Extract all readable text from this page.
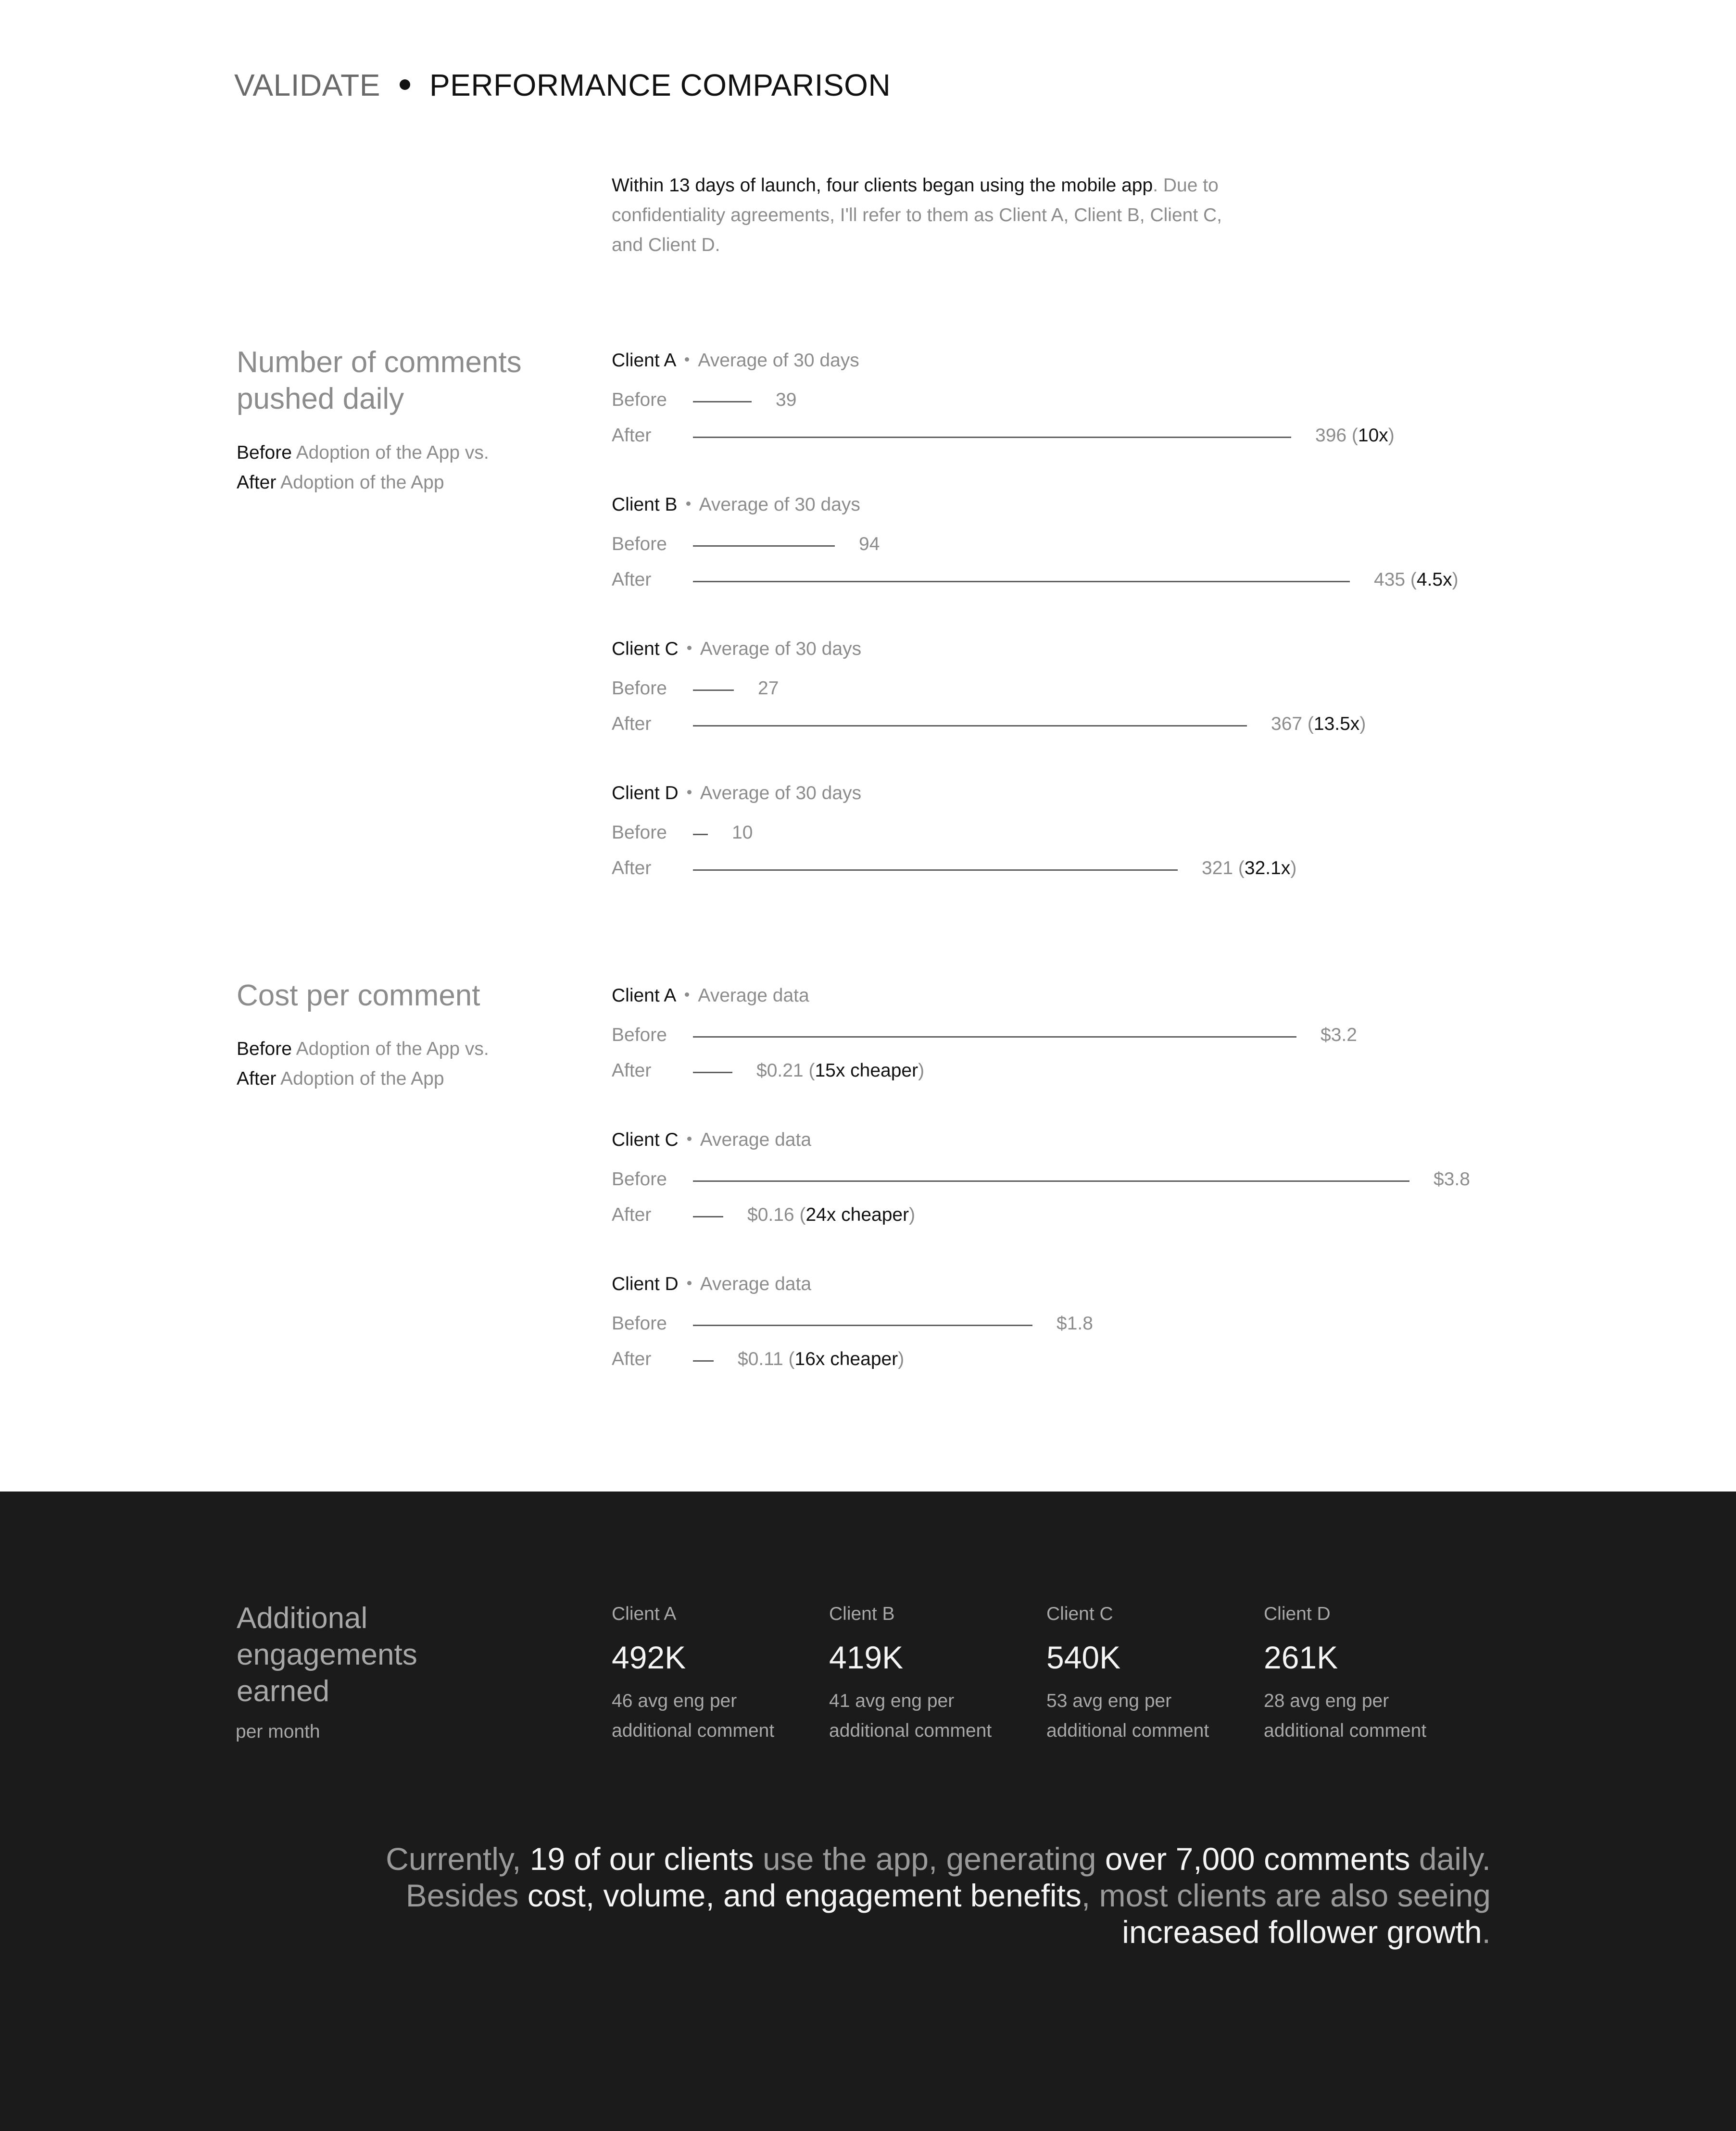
VALIDATE PERFORMANCE COMPARISON
Within 13 days of launch, four clients began using the mobile app. Due to confidentiality agreements, I'll refer to them as Client A, Client B, Client C, and Client D.
Number of comments pushed daily
Before Adoption of the App vs.
After Adoption of the App
Cost per comment
Before Adoption of the App vs.
After Adoption of the App
Client A Average of 30 days
Before	39
After	396 (10x)
Client B Average of 30 days
Before	94
After	435 (4.5x)
Client C Average of 30 days
Before	27
After	367 (13.5x)
Client D Average of 30 days
Before	10
After	321 (32.1x)
Client A Average data
Before	$3.2
After	$0.21 (15x cheaper)
Client C Average data
Before	$3.8
After	$0.16 (24x cheaper)
Client D Average data
Before	$1.8
After	$0.11 (16x cheaper)
Additional engagements earned
per month
Client A
492K
46 avg eng per additional comment
Client B
419K
41 avg eng per additional comment
Client C
540K
53 avg eng per additional comment
Client D
261K
28 avg eng per additional comment
Currently, 19 of our clients use the app, generating over 7,000 comments daily. Besides cost, volume, and engagement benefits, most clients are also seeing increased follower growth.
